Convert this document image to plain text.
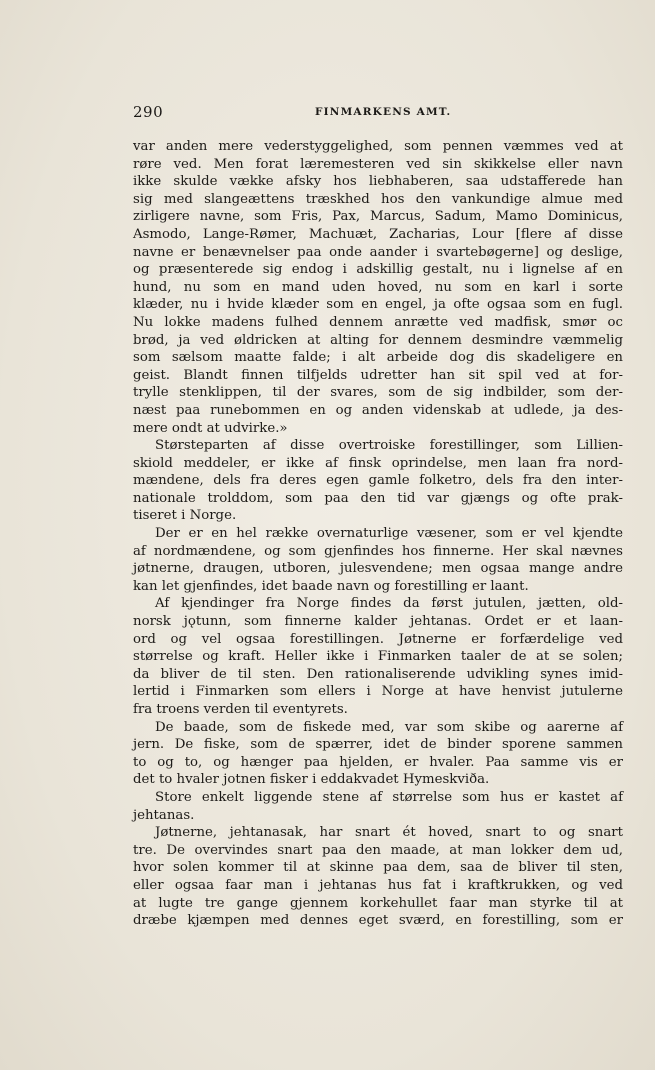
290	FINMARKENS AMT.
var anden mere vederstyggelighed, som pennen væmmes ved at
røre ved. Men forat læremesteren ved sin skikkelse eller navn
ikke skulde vække afsky hos liebhaberen, saa udstafferede han
sig med slangeættens træskhed hos den vankundige almue med
zirligere navne, som Fris, Pax, Marcus, Sadum, Mamo Dominicus,
Asmodo, Lange-Rømer, Machuæt, Zacharias, Lour [flere af disse
navne er benævnelser paa onde aander i svartebøgerne] og deslige,
og præsenterede sig endog i adskillig gestalt, nu i lignelse af en
hund, nu som en mand uden hoved, nu som en karl i sorte
klæder, nu i hvide klæder som en engel, ja ofte ogsaa som en fugl.
Nu lokke madens fulhed dennem anrætte ved madfisk, smør oc
brød, ja ved øldricken at alting for dennem desmindre væmmelig
som sælsom maatte falde; i alt arbeide dog dis skadeligere en
geist. Blandt finnen tilfjelds udretter han sit spil ved at for-
trylle stenklippen, til der svares, som de sig indbilder, som der-
næst paa runebommen en og anden videnskab at udlede, ja des-
mere ondt at udvirke.»
Størsteparten af disse overtroiske forestillinger, som Lillien-
skiold meddeler, er ikke af finsk oprindelse, men laan fra nord-
mændene, dels fra deres egen gamle folketro, dels fra den inter-
nationale trolddom, som paa den tid var gjængs og ofte prak-
tiseret i Norge.
Der er en hel række overnaturlige væsener, som er vel kjendte
af nordmændene, og som gjenfindes hos finnerne. Her skal nævnes
jøtnerne, draugen, utboren, julesvendene; men ogsaa mange andre
kan let gjenfindes, idet baade navn og forestilling er laant.
Af kjendinger fra Norge findes da først jutulen, jætten, old-
norsk jǫtunn, som finnerne kalder jehtanas. Ordet er et laan-
ord og vel ogsaa forestillingen. Jøtnerne er forfærdelige ved
størrelse og kraft. Heller ikke i Finmarken taaler de at se solen;
da bliver de til sten. Den rationaliserende udvikling synes imid-
lertid i Finmarken som ellers i Norge at have henvist jutulerne
fra troens verden til eventyrets.
De baade, som de fiskede med, var som skibe og aarerne af
jern. De fiske, som de spærrer, idet de binder sporene sammen
to og to, og hænger paa hjelden, er hvaler. Paa samme vis er
det to hvaler jotnen fisker i eddakvadet Hymeskviða.
Store enkelt liggende stene af størrelse som hus er kastet af
jehtanas.
Jøtnerne, jehtanasak, har snart ét hoved, snart to og snart
tre. De overvindes snart paa den maade, at man lokker dem ud,
hvor solen kommer til at skinne paa dem, saa de bliver til sten,
eller ogsaa faar man i jehtanas hus fat i kraftkrukken, og ved
at lugte tre gange gjennem korkehullet faar man styrke til at
dræbe kjæmpen med dennes eget sværd, en forestilling, som er
